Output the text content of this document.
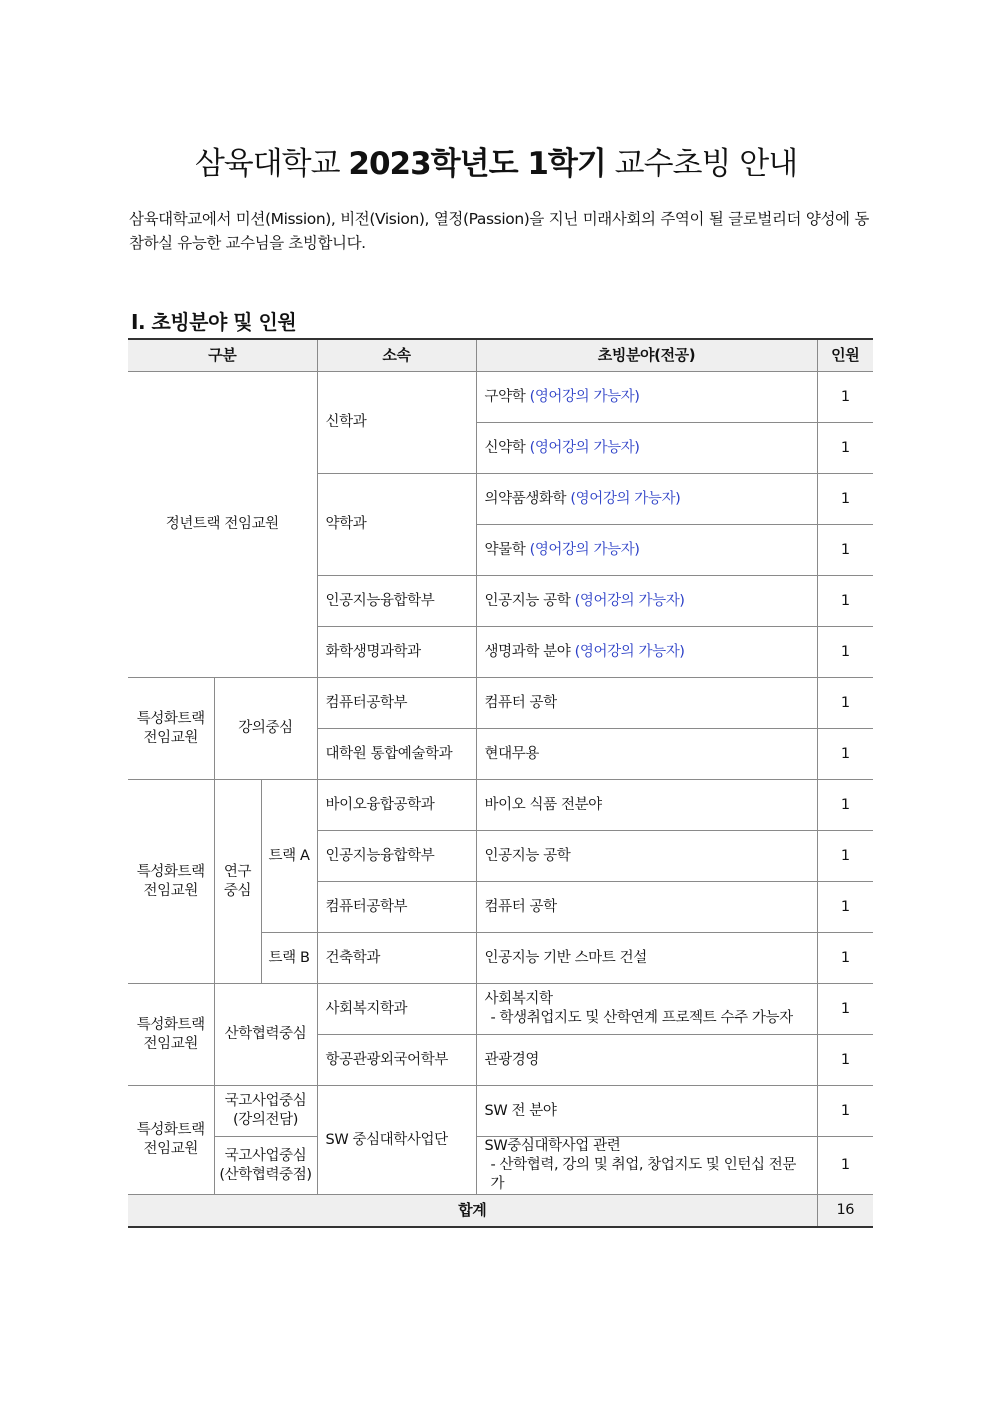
삼육대학교 2023학년도 1학기 교수초빙 안내
삼육대학교에서 미션(Mission), 비전(Vision), 열정(Passion)을 지닌 미래사회의 주역이 될 글로벌리더 양성에 동참하실 유능한 교수님을 초빙합니다.
Ⅰ. 초빙분야 및 인원
구분			소속	초빙분야(전공)	인원
정년트랙 전임교원			신학과	구약학 (영어강의 가능자)	1
				신약학 (영어강의 가능자)	1
			약학과	의약품생화학 (영어강의 가능자)	1
				약물학 (영어강의 가능자)	1
			인공지능융합학부	인공지능 공학 (영어강의 가능자)	1
			화학생명과학과	생명과학 분야 (영어강의 가능자)	1
특성화트랙 전임교원	강의중심		컴퓨터공학부	컴퓨터 공학	1
			대학원 통합예술학과	현대무용	1
특성화트랙 전임교원	연구 중심	트랙 A	바이오융합공학과	바이오 식품 전분야	1
			인공지능융합학부	인공지능 공학	1
			컴퓨터공학부	컴퓨터 공학	1
		트랙 B	건축학과	인공지능 기반 스마트 건설	1
특성화트랙 전임교원	산학협력중심		사회복지학과	사회복지학
- 학생취업지도 및 산학연계 프로젝트 수주 가능자	1
			항공관광외국어학부	관광경영	1
특성화트랙 전임교원	국고사업중심 (강의전담)		SW 중심대학사업단	SW 전 분야	1
	국고사업중심 (산학협력중점)			SW중심대학사업 관련
- 산학협력, 강의 및 취업, 창업지도 및 인턴십 전문가	1
합계					16
